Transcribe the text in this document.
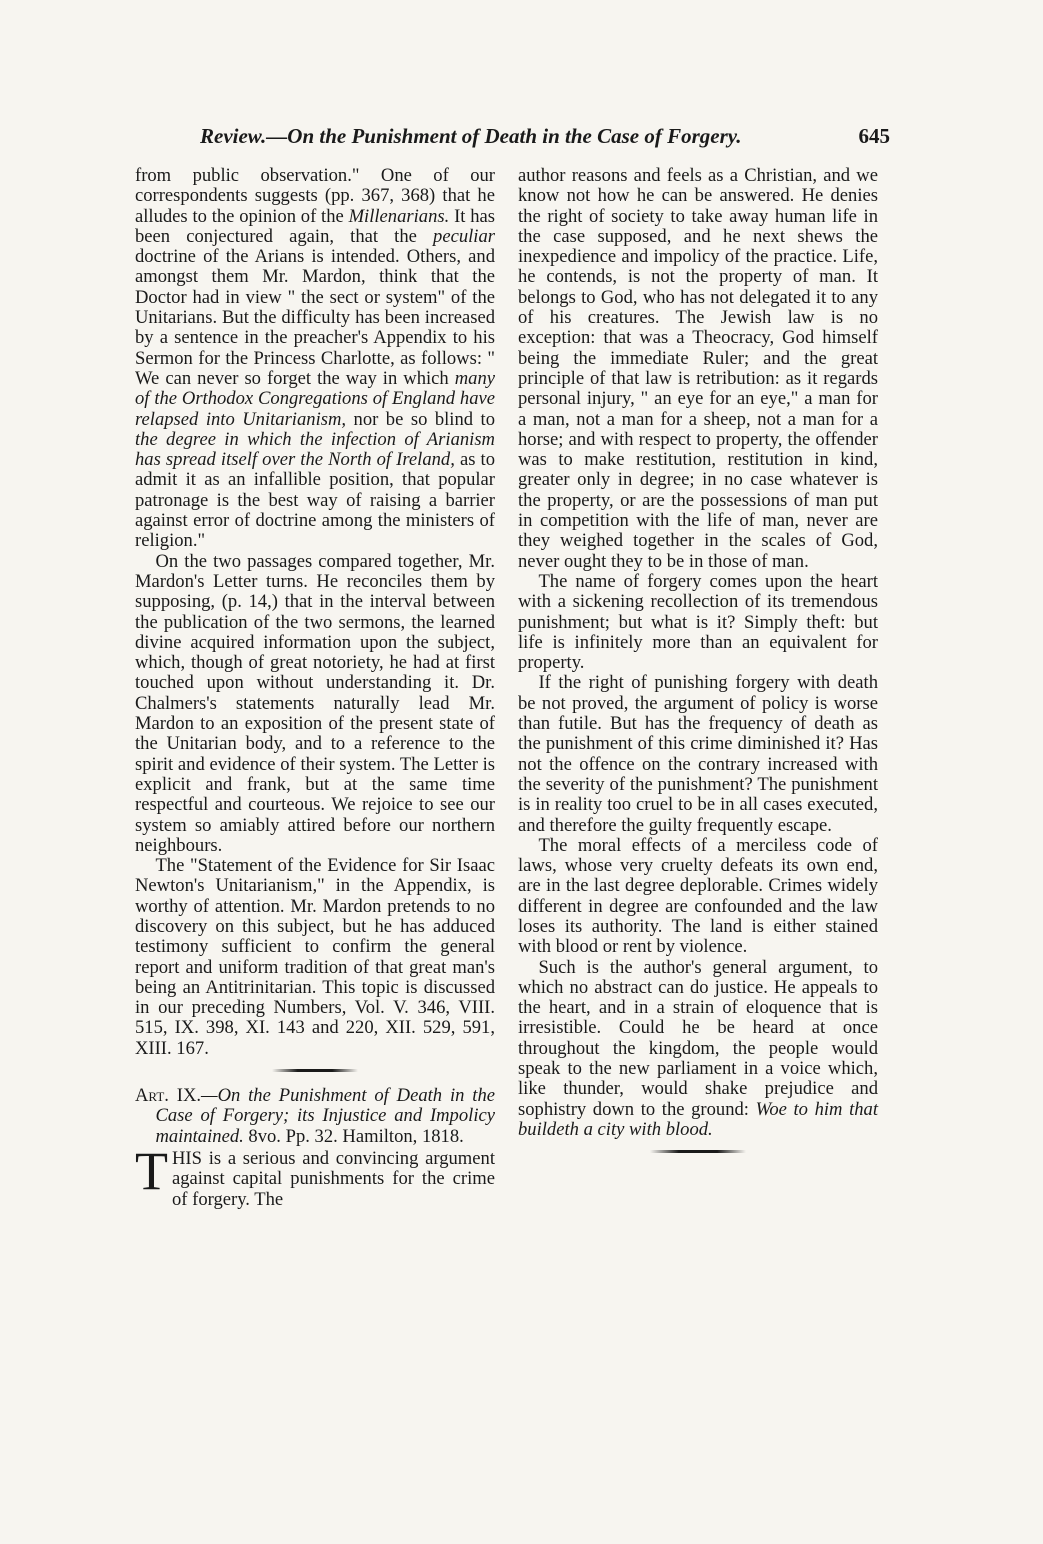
Review.—On the Punishment of Death in the Case of Forgery.	645

from public observation." One of our correspondents suggests (pp. 367, 368) that he alludes to the opinion of the Millenarians. It has been conjectured again, that the peculiar doctrine of the Arians is intended. Others, and amongst them Mr. Mardon, think that the Doctor had in view " the sect or system" of the Unitarians. But the difficulty has been increased by a sentence in the preacher's Appendix to his Sermon for the Princess Charlotte, as follows: " We can never so forget the way in which many of the Orthodox Congregations of England have relapsed into Unitarianism, nor be so blind to the degree in which the infection of Arianism has spread itself over the North of Ireland, as to admit it as an infallible position, that popular patronage is the best way of raising a barrier against error of doctrine among the ministers of religion."

On the two passages compared together, Mr. Mardon's Letter turns. He reconciles them by supposing, (p. 14,) that in the interval between the publication of the two sermons, the learned divine acquired information upon the subject, which, though of great notoriety, he had at first touched upon without understanding it. Dr. Chalmers's statements naturally lead Mr. Mardon to an exposition of the present state of the Unitarian body, and to a reference to the spirit and evidence of their system. The Letter is explicit and frank, but at the same time respectful and courteous. We rejoice to see our system so amiably attired before our northern neighbours.

The "Statement of the Evidence for Sir Isaac Newton's Unitarianism," in the Appendix, is worthy of attention. Mr. Mardon pretends to no discovery on this subject, but he has adduced testimony sufficient to confirm the general report and uniform tradition of that great man's being an Antitrinitarian. This topic is discussed in our preceding Numbers, Vol. V. 346, VIII. 515, IX. 398, XI. 143 and 220, XII. 529, 591, XIII. 167.

Art. IX.—On the Punishment of Death in the Case of Forgery; its Injustice and Impolicy maintained. 8vo. Pp. 32. Hamilton, 1818.

THIS is a serious and convincing argument against capital punishments for the crime of forgery. The

author reasons and feels as a Christian, and we know not how he can be answered. He denies the right of society to take away human life in the case supposed, and he next shews the inexpedience and impolicy of the practice. Life, he contends, is not the property of man. It belongs to God, who has not delegated it to any of his creatures. The Jewish law is no exception: that was a Theocracy, God himself being the immediate Ruler; and the great principle of that law is retribution: as it regards personal injury, " an eye for an eye," a man for a man, not a man for a sheep, not a man for a horse; and with respect to property, the offender was to make restitution, restitution in kind, greater only in degree; in no case whatever is the property, or are the possessions of man put in competition with the life of man, never are they weighed together in the scales of God, never ought they to be in those of man.

The name of forgery comes upon the heart with a sickening recollection of its tremendous punishment; but what is it? Simply theft: but life is infinitely more than an equivalent for property.

If the right of punishing forgery with death be not proved, the argument of policy is worse than futile. But has the frequency of death as the punishment of this crime diminished it? Has not the offence on the contrary increased with the severity of the punishment? The punishment is in reality too cruel to be in all cases executed, and therefore the guilty frequently escape.

The moral effects of a merciless code of laws, whose very cruelty defeats its own end, are in the last degree deplorable. Crimes widely different in degree are confounded and the law loses its authority. The land is either stained with blood or rent by violence.

Such is the author's general argument, to which no abstract can do justice. He appeals to the heart, and in a strain of eloquence that is irresistible. Could he be heard at once throughout the kingdom, the people would speak to the new parliament in a voice which, like thunder, would shake prejudice and sophistry down to the ground: Woe to him that buildeth a city with blood.
